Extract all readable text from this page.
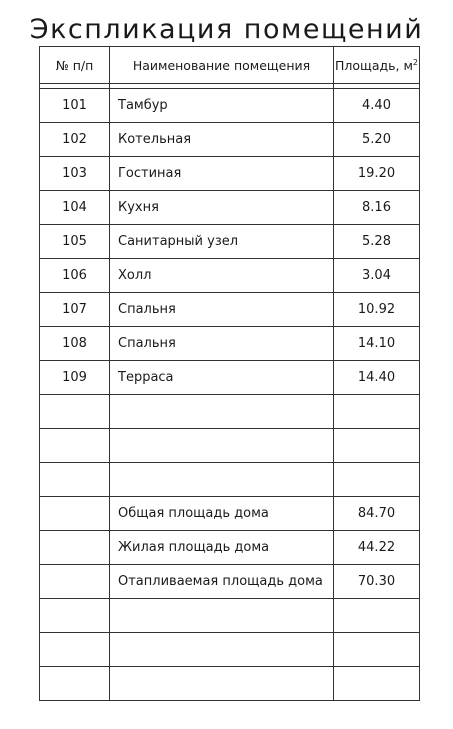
Экспликация помещений
№ п/п	Наименование помещения	Площадь, $м^2$

101	Тамбур	4.40
102	Котельная	5.20
103	Гостиная	19.20
104	Кухня	8.16
105	Санитарный узел	5.28
106	Холл	3.04
107	Спальня	10.92
108	Спальня	14.10
109	Терраса	14.40

	Общая площадь дома	84.70
	Жилая площадь дома	44.22
	Отапливаемая площадь дома	70.30
